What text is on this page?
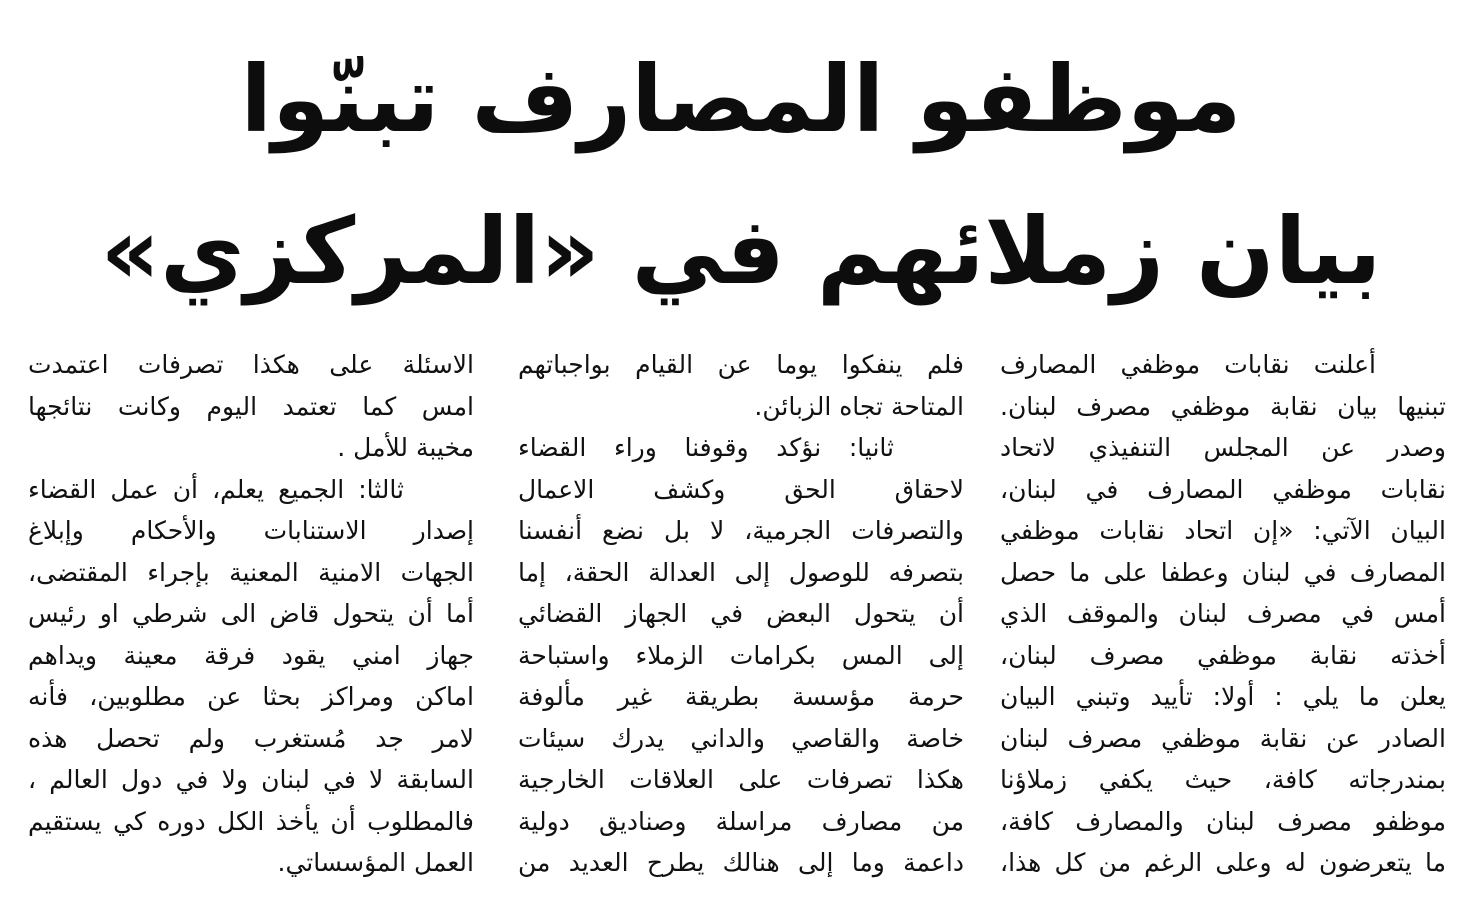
موظفو المصارف تبنّوا
بيان زملائهم في «المركزي»
أعلنت نقابات موظفي المصارف
تبنيها بيان نقابة موظفي مصرف لبنان.
وصدر عن المجلس التنفيذي لاتحاد
نقابات موظفي المصارف في لبنان،
البيان الآتي: «إن اتحاد نقابات موظفي
المصارف في لبنان وعطفا على ما حصل
أمس في مصرف لبنان والموقف الذي
أخذته نقابة موظفي مصرف لبنان،
يعلن ما يلي : أولا: تأييد وتبني البيان
الصادر عن نقابة موظفي مصرف لبنان
بمندرجاته كافة، حيث يكفي زملاؤنا
موظفو مصرف لبنان والمصارف كافة،
ما يتعرضون له وعلى الرغم من كل هذا،
فلم ينفكوا يوما عن القيام بواجباتهم
المتاحة تجاه الزبائن.
ثانيا: نؤكد وقوفنا وراء القضاء
لاحقاق الحق وكشف الاعمال
والتصرفات الجرمية، لا بل نضع أنفسنا
بتصرفه للوصول إلى العدالة الحقة، إما
أن يتحول البعض في الجهاز القضائي
إلى المس بكرامات الزملاء واستباحة
حرمة مؤسسة بطريقة غير مألوفة
خاصة والقاصي والداني يدرك سيئات
هكذا تصرفات على العلاقات الخارجية
من مصارف مراسلة وصناديق دولية
داعمة وما إلى هنالك يطرح العديد من
الاسئلة على هكذا تصرفات اعتمدت
امس كما تعتمد اليوم وكانت نتائجها
مخيبة للأمل .
ثالثا: الجميع يعلم، أن عمل القضاء
إصدار الاستنابات والأحكام وإبلاغ
الجهات الامنية المعنية بإجراء المقتضى،
أما أن يتحول قاض الى شرطي او رئيس
جهاز امني يقود فرقة معينة ويداهم
اماكن ومراكز بحثا عن مطلوبين، فأنه
لامر جد مُستغرب ولم تحصل هذه
السابقة لا في لبنان ولا في دول العالم ،
فالمطلوب أن يأخذ الكل دوره كي يستقيم
العمل المؤسساتي.
